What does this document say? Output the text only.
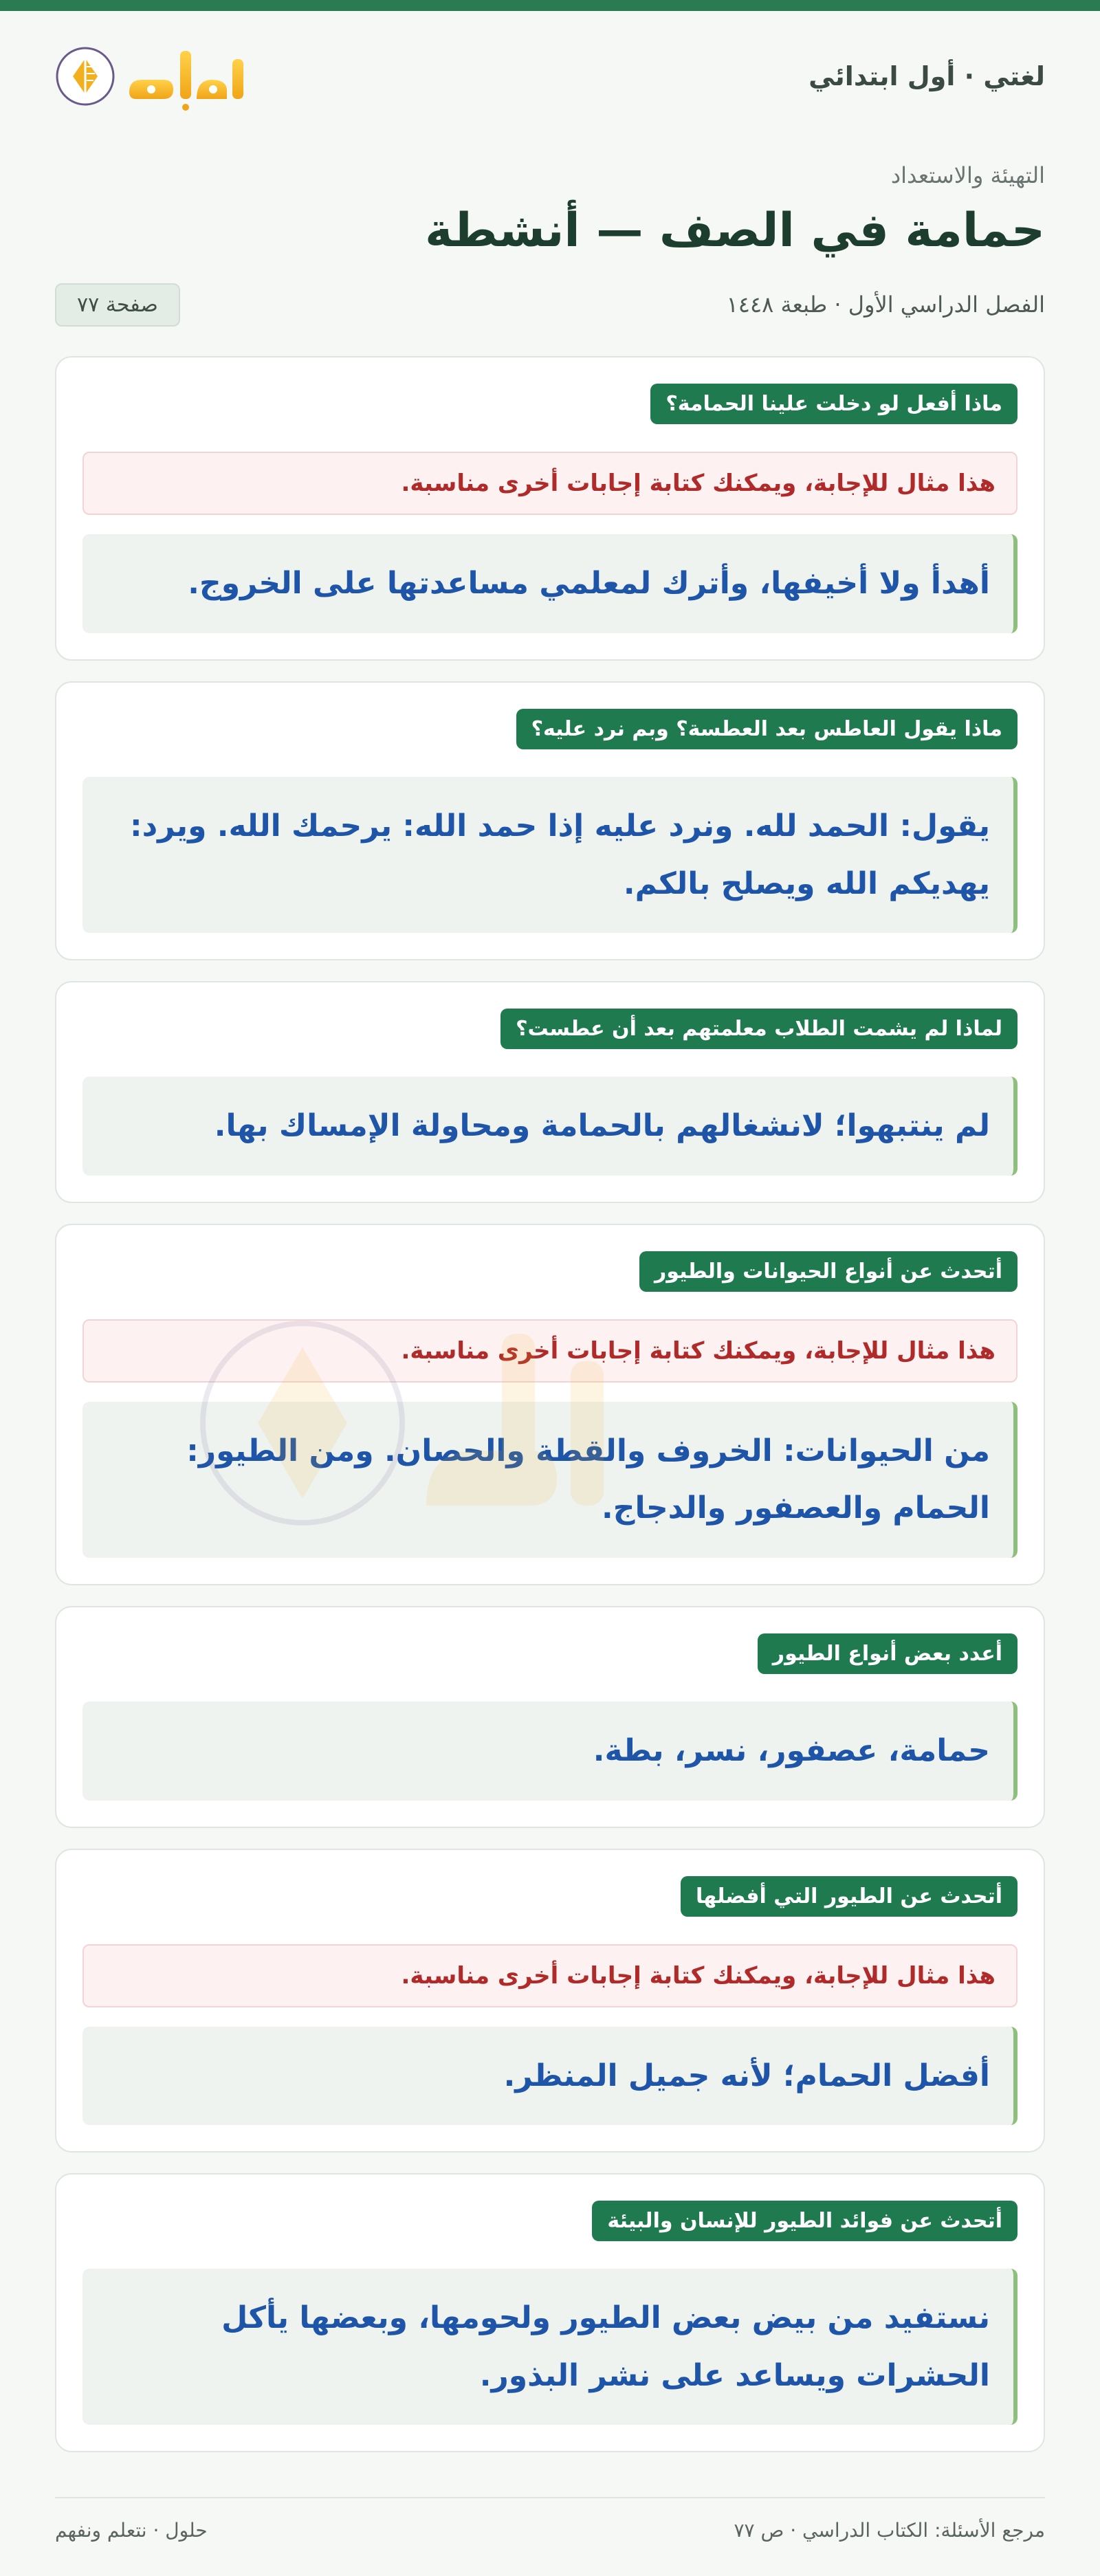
لغتي · أول ابتدائي
التهيئة والاستعداد
حمامة في الصف — أنشطة
الفصل الدراسي الأول · طبعة ١٤٤٨
صفحة ٧٧
ماذا أفعل لو دخلت علينا الحمامة؟
هذا مثال للإجابة، ويمكنك كتابة إجابات أخرى مناسبة.
أهدأ ولا أخيفها، وأترك لمعلمي مساعدتها على الخروج.
ماذا يقول العاطس بعد العطسة؟ وبم نرد عليه؟
يقول: الحمد لله. ونرد عليه إذا حمد الله: يرحمك الله. ويرد: يهديكم الله ويصلح بالكم.
لماذا لم يشمت الطلاب معلمتهم بعد أن عطست؟
لم ينتبهوا؛ لانشغالهم بالحمامة ومحاولة الإمساك بها.
أتحدث عن أنواع الحيوانات والطيور
هذا مثال للإجابة، ويمكنك كتابة إجابات أخرى مناسبة.
من الحيوانات: الخروف والقطة والحصان. ومن الطيور: الحمام والعصفور والدجاج.
أعدد بعض أنواع الطيور
حمامة، عصفور، نسر، بطة.
أتحدث عن الطيور التي أفضلها
هذا مثال للإجابة، ويمكنك كتابة إجابات أخرى مناسبة.
أفضل الحمام؛ لأنه جميل المنظر.
أتحدث عن فوائد الطيور للإنسان والبيئة
نستفيد من بيض بعض الطيور ولحومها، وبعضها يأكل الحشرات ويساعد على نشر البذور.
مرجع الأسئلة: الكتاب الدراسي · ص ٧٧
حلول · نتعلم ونفهم
